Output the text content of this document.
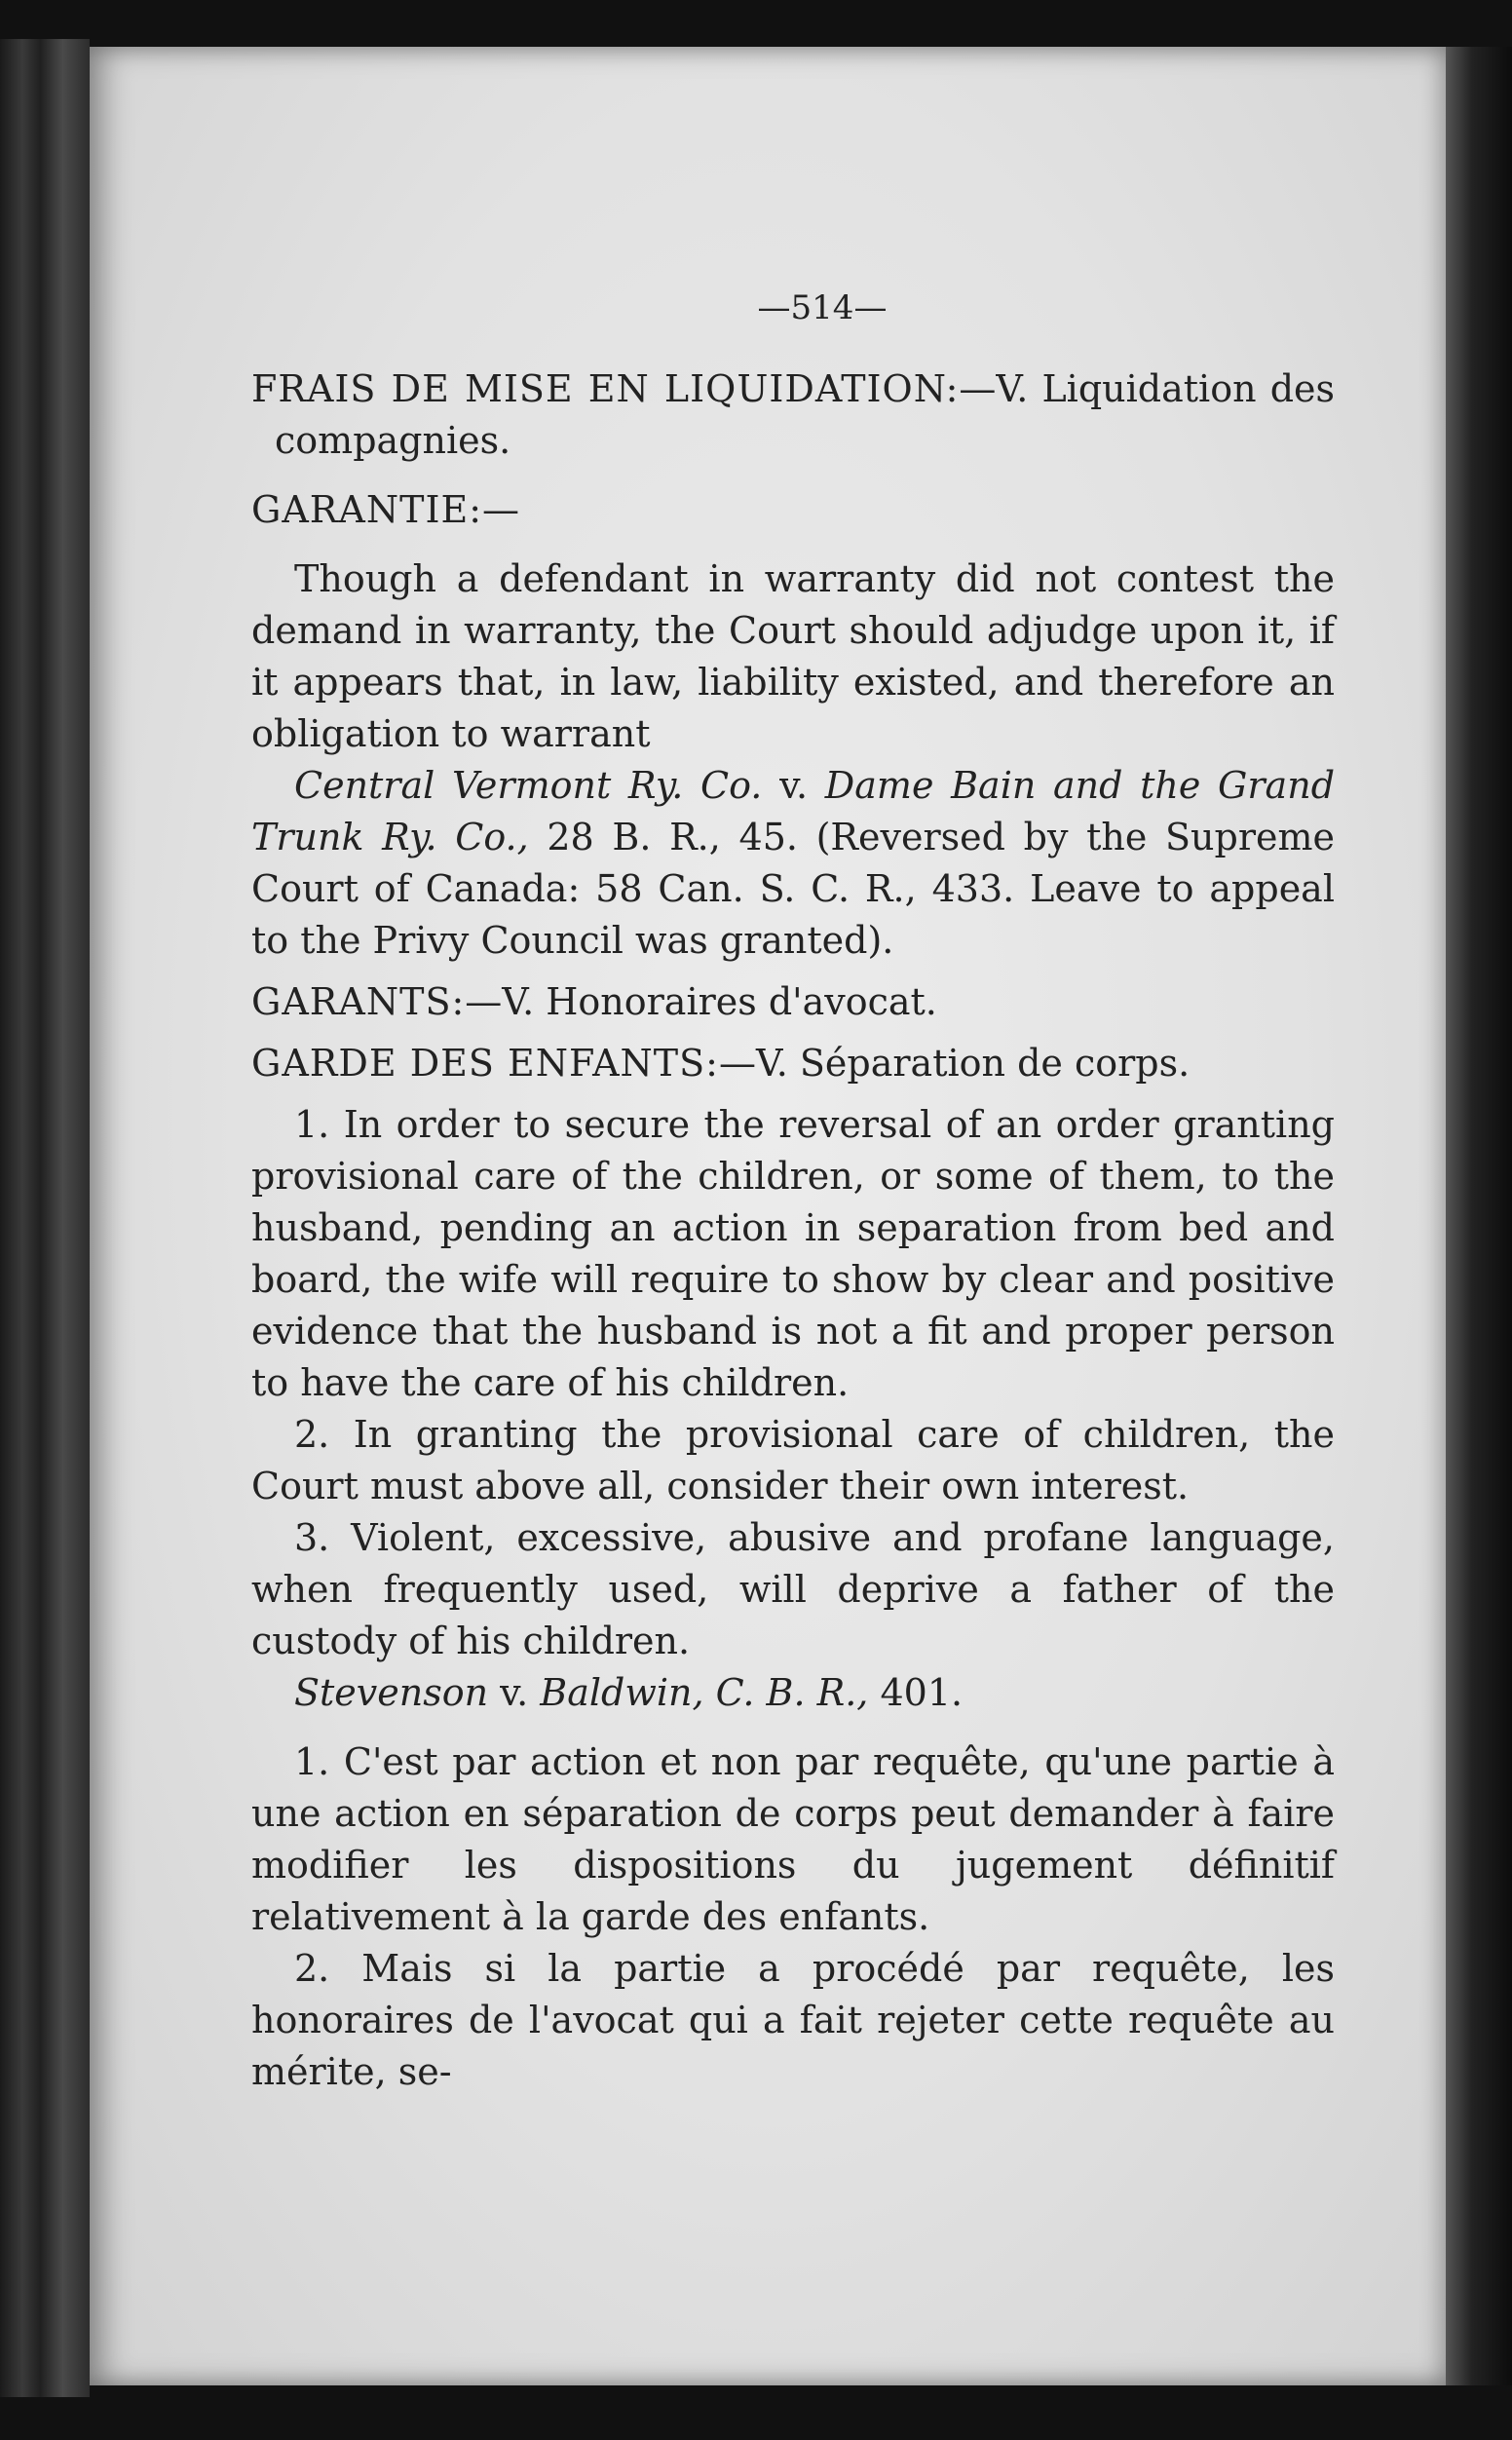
—514—

FRAIS DE MISE EN LIQUIDATION:—V. Liquidation des compagnies.

GARANTIE:—

Though a defendant in warranty did not contest the demand in warranty, the Court should adjudge upon it, if it appears that, in law, liability existed, and therefore an obligation to warrant

Central Vermont Ry. Co. v. Dame Bain and the Grand Trunk Ry. Co., 28 B. R., 45. (Reversed by the Supreme Court of Canada: 58 Can. S. C. R., 433. Leave to appeal to the Privy Council was granted).

GARANTS:—V. Honoraires d'avocat.

GARDE DES ENFANTS:—V. Séparation de corps.

1. In order to secure the reversal of an order granting provisional care of the children, or some of them, to the husband, pending an action in separation from bed and board, the wife will require to show by clear and positive evidence that the husband is not a fit and proper person to have the care of his children.

2. In granting the provisional care of children, the Court must above all, consider their own interest.

3. Violent, excessive, abusive and profane language, when frequently used, will deprive a father of the custody of his children.

Stevenson v. Baldwin, C. B. R., 401.

1. C'est par action et non par requête, qu'une partie à une action en séparation de corps peut demander à faire modifier les dispositions du jugement définitif relativement à la garde des enfants.

2. Mais si la partie a procédé par requête, les honoraires de l'avocat qui a fait rejeter cette requête au mérite, se-
